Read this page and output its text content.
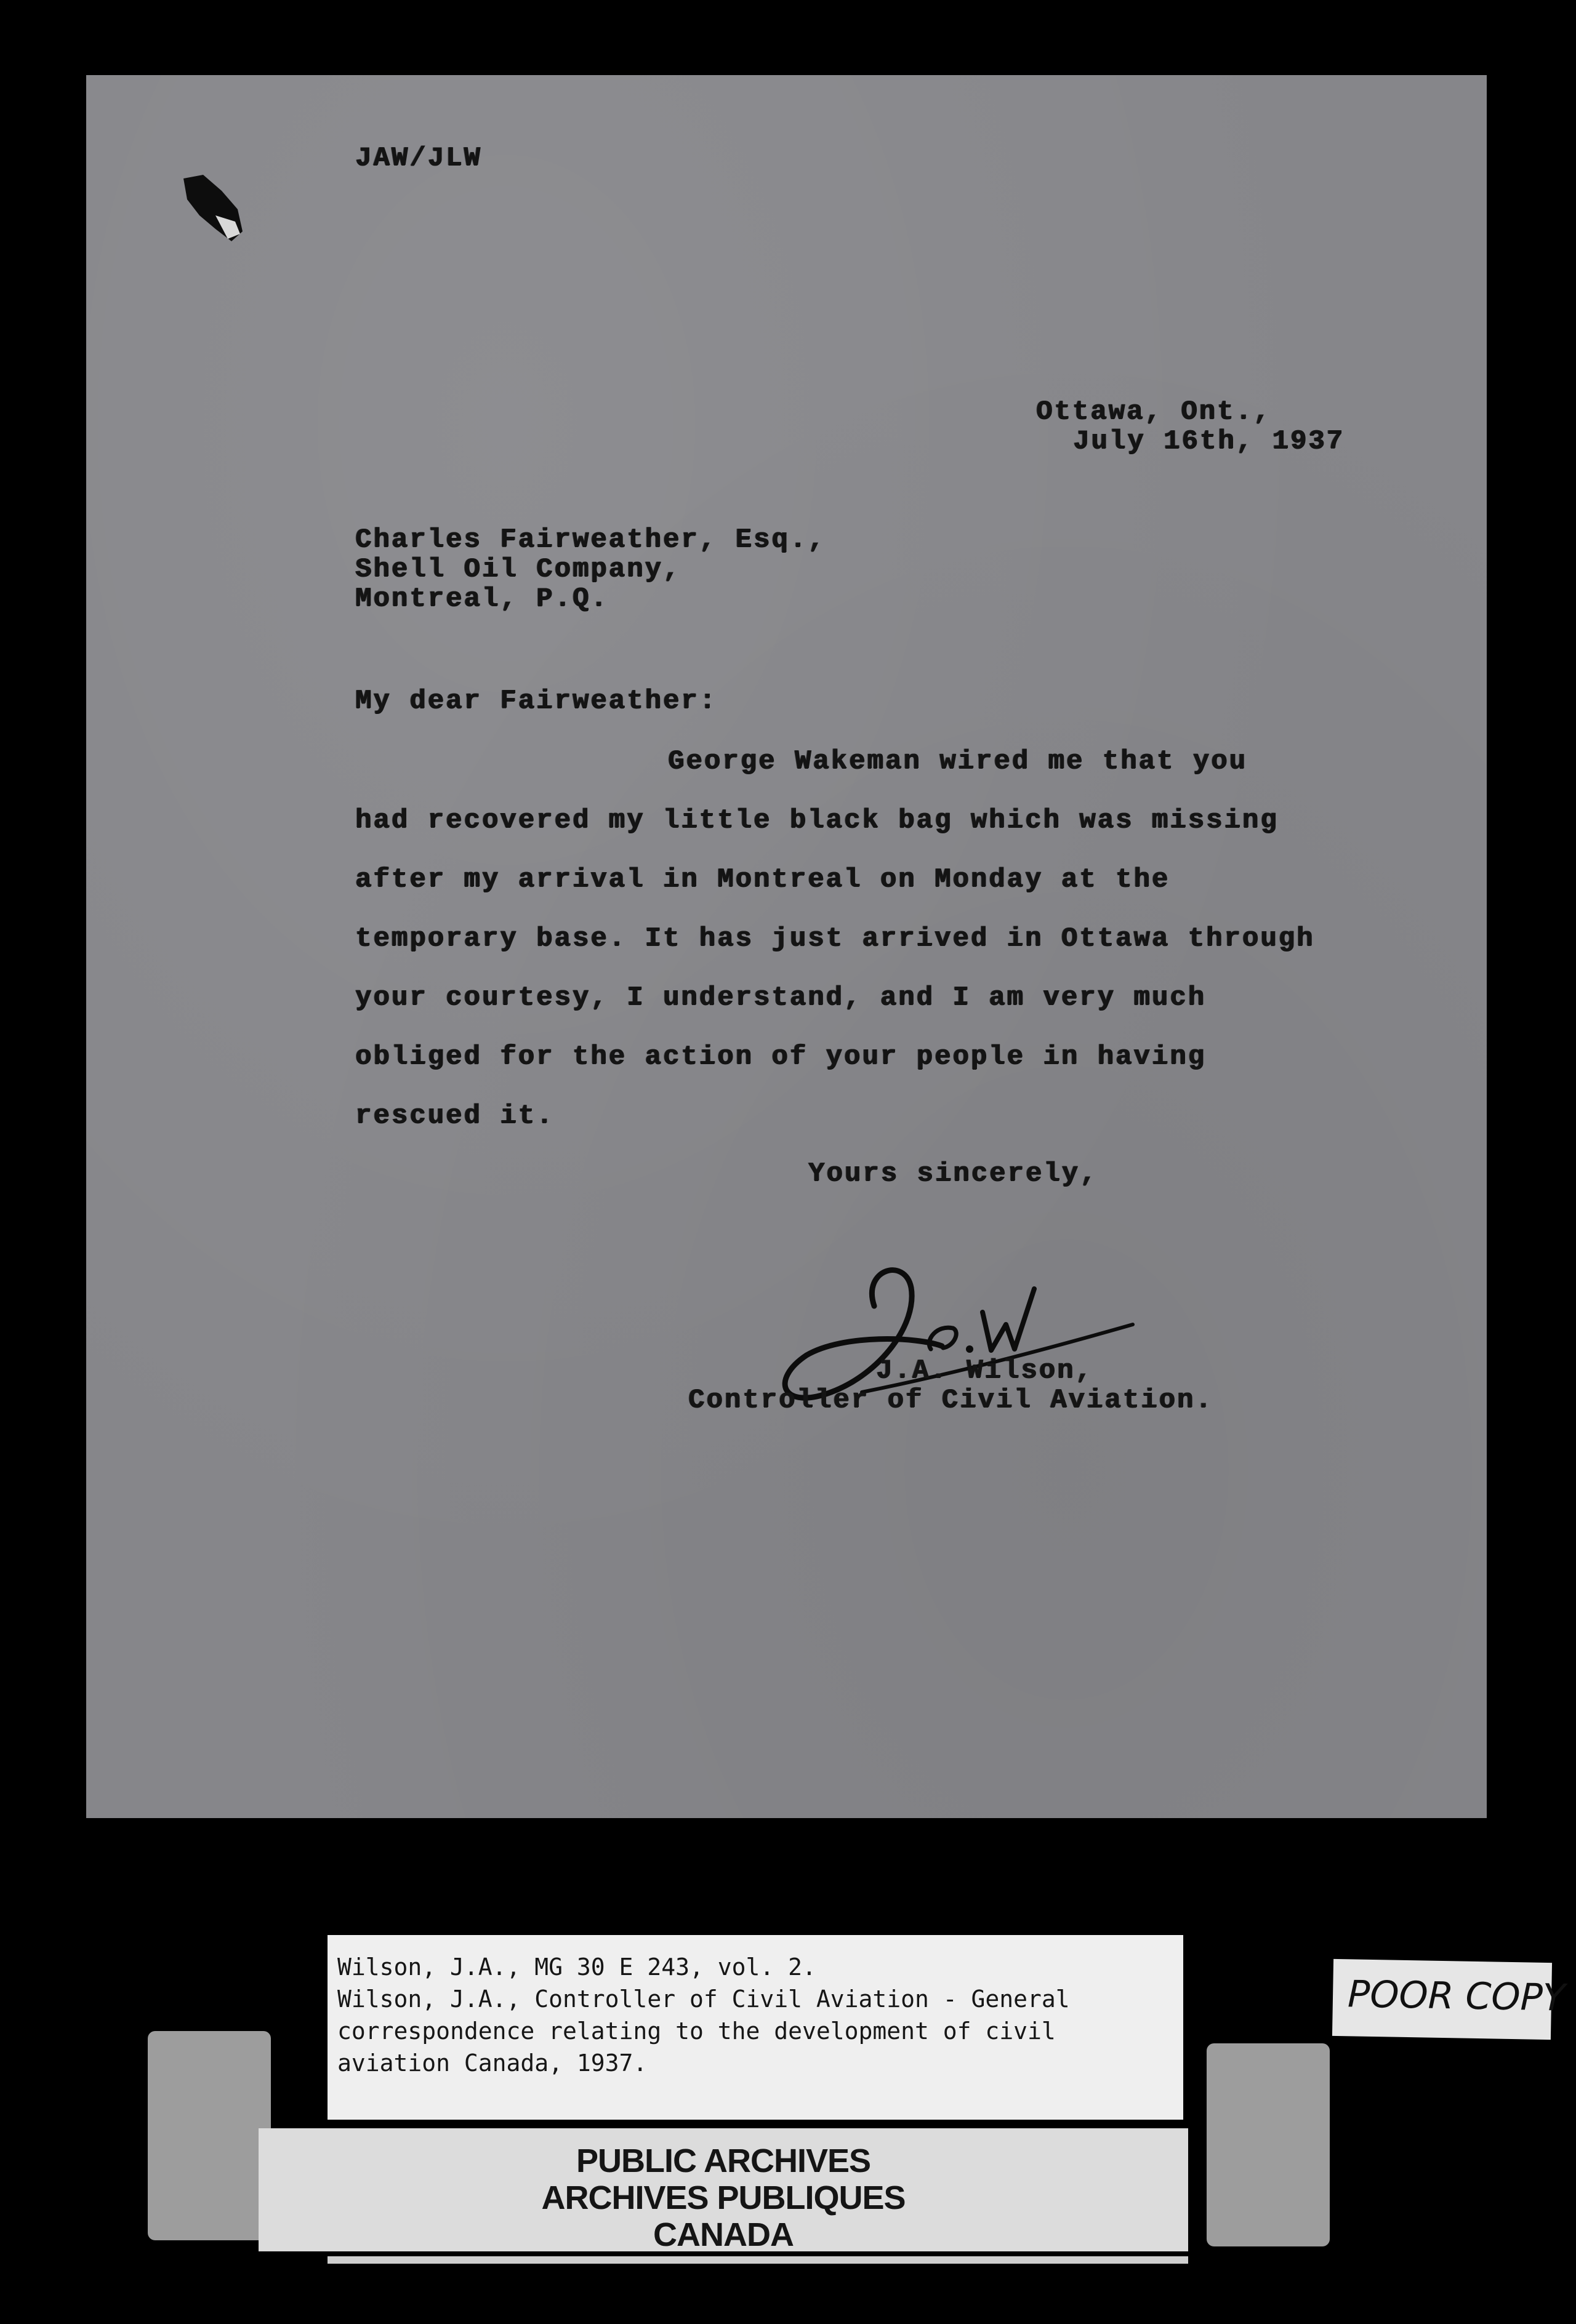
JAW/JLW

Ottawa, Ont.,

July 16th, 1937

Charles Fairweather, Esq.,

Shell Oil Company,

Montreal, P.Q.

My dear Fairweather:

George Wakeman wired me that you

had recovered my little black bag which was missing

after my arrival in Montreal on Monday at the

temporary base. It has just arrived in Ottawa through

your courtesy, I understand, and I am very much

obliged for the action of your people in having

rescued it.

Yours sincerely,

J.A. Wilson,

Controller of Civil Aviation.

Wilson, J.A., MG 30 E 243, vol. 2.

Wilson, J.A., Controller of Civil Aviation - General

correspondence relating to the development of civil

aviation Canada, 1937.

PUBLIC ARCHIVES

ARCHIVES PUBLIQUES

CANADA

POOR COPY
